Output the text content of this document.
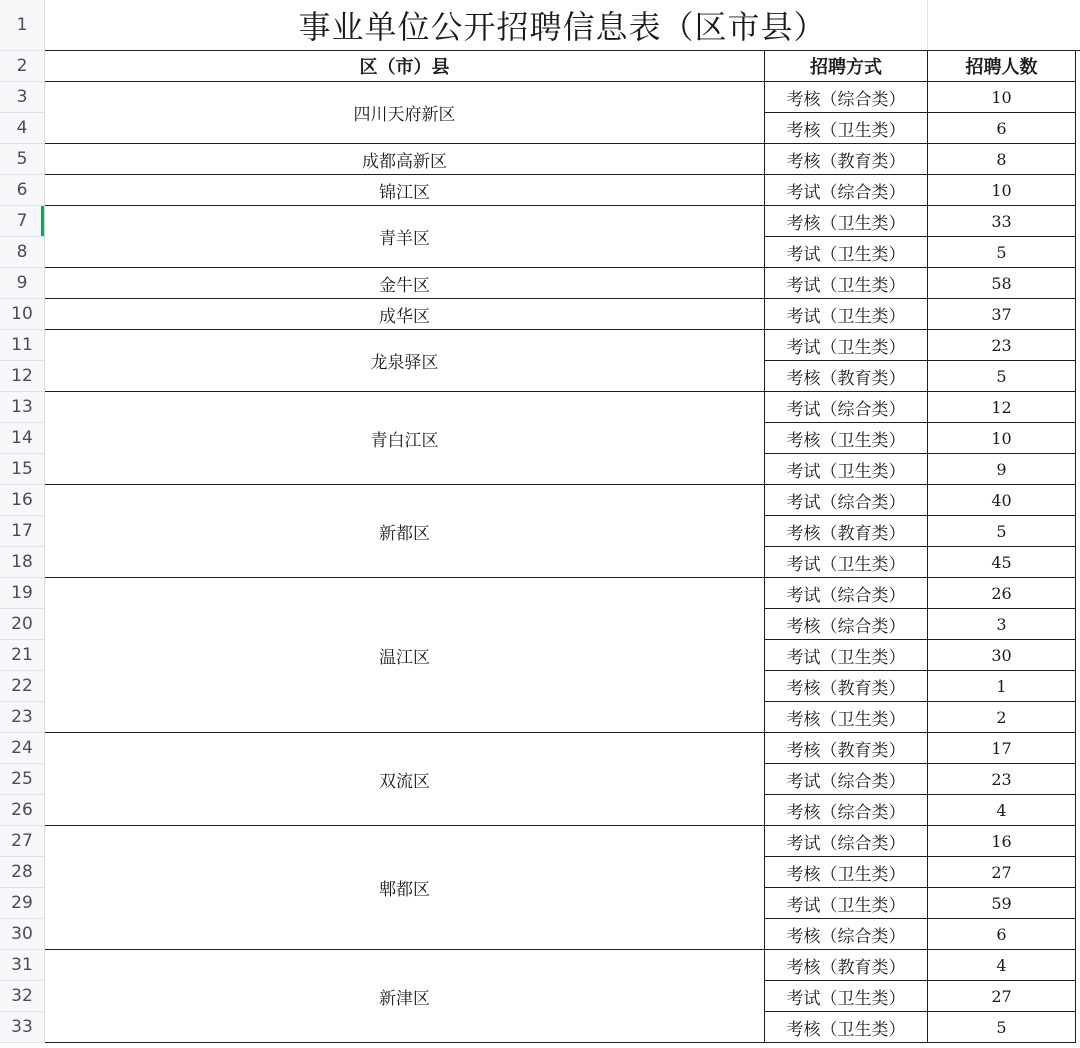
1
2
3
4
5
6
7
8
9
10
11
12
13
14
15
16
17
18
19
20
21
22
23
24
25
26
27
28
29
30
31
32
33
事业单位公开招聘信息表（区市县）
区（市）县	招聘方式	招聘人数
四川天府新区
考核（综合类）	10
考核（卫生类）	6
成都高新区	考核（教育类）	8
锦江区	考试（综合类）	10
青羊区
考核（卫生类）	33
考试（卫生类）	5
金牛区	考试（卫生类）	58
成华区	考试（卫生类）	37
龙泉驿区
考试（卫生类）	23
考核（教育类）	5
青白江区
考试（综合类）	12
考核（卫生类）	10
考试（卫生类）	9
新都区
考试（综合类）	40
考核（教育类）	5
考试（卫生类）	45
温江区
考试（综合类）	26
考核（综合类）	3
考试（卫生类）	30
考核（教育类）	1
考核（卫生类）	2
双流区
考核（教育类）	17
考试（综合类）	23
考核（综合类）	4
郫都区
考试（综合类）	16
考核（卫生类）	27
考试（卫生类）	59
考核（综合类）	6
新津区
考核（教育类）	4
考试（卫生类）	27
考核（卫生类）	5
